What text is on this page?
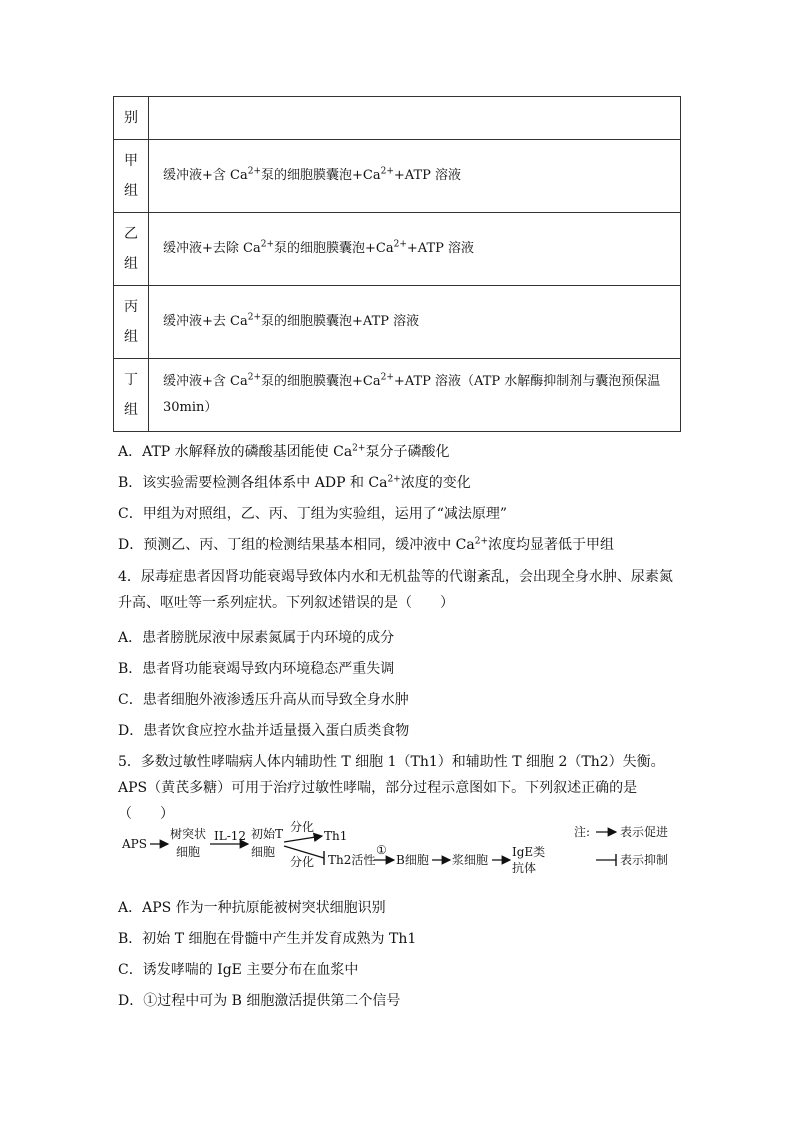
别	
甲组	缓冲液+含 $Ca^{2+}$泵的细胞膜囊泡$+Ca^{2+}+ATP$ 溶液
乙组	缓冲液+去除 $Ca^{2+}$泵的细胞膜囊泡$+Ca^{2+}+ATP$ 溶液
丙组	缓冲液+去 $Ca^{2+}$泵的细胞膜囊泡+ATP 溶液
丁组	缓冲液+含 $Ca^{2+}$泵的细胞膜囊泡$+Ca^{2+}+ATP$ 溶液（ATP 水解酶抑制剂与囊泡预保温
30min）
A．ATP 水解释放的磷酸基团能使 $Ca^{2+}$泵分子磷酸化
B．该实验需要检测各组体系中 ADP 和 $Ca^{2+}$浓度的变化
C．甲组为对照组，乙、丙、丁组为实验组，运用了“减法原理”
D．预测乙、丙、丁组的检测结果基本相同，缓冲液中 $Ca^{2+}$浓度均显著低于甲组
4．尿毒症患者因肾功能衰竭导致体内水和无机盐等的代谢紊乱，会出现全身水肿、尿素氮升高、呕吐等一系列症状。下列叙述错误的是（　　）
A．患者膀胱尿液中尿素氮属于内环境的成分
B．患者肾功能衰竭导致内环境稳态严重失调
C．患者细胞外液渗透压升高从而导致全身水肿
D．患者饮食应控水盐并适量摄入蛋白质类食物
5．多数过敏性哮喘病人体内辅助性 T 细胞 1（Th1）和辅助性 T 细胞 2（Th2）失衡。APS（黄芪多糖）可用于治疗过敏性哮喘，部分过程示意图如下。下列叙述正确的是（　　）
APS
树突状
细胞
IL-12 初始T
细胞
分化
Th1
分化 Th2活性
①
B细胞 浆细胞
IgE类
抗体
注: 表示促进
表示抑制
A．APS 作为一种抗原能被树突状细胞识别
B．初始 T 细胞在骨髓中产生并发育成熟为 Th1
C．诱发哮喘的 IgE 主要分布在血浆中
D．①过程中可为 B 细胞激活提供第二个信号
